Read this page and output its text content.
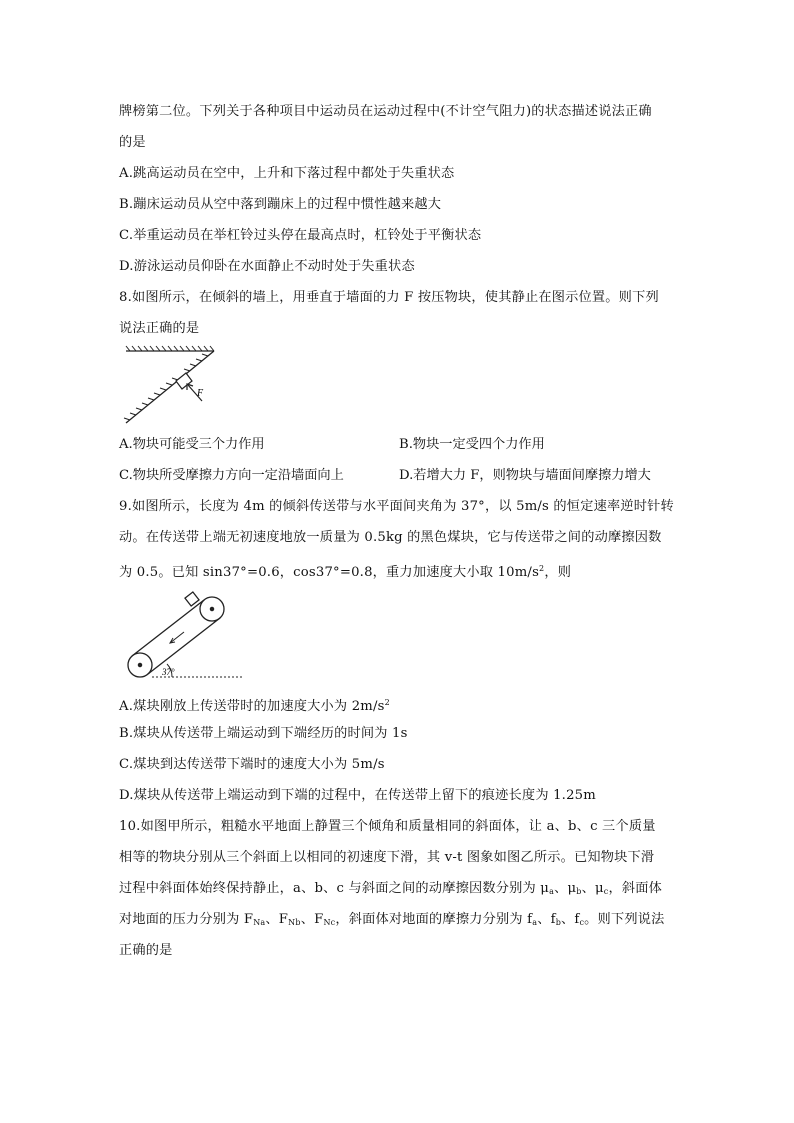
牌榜第二位。下列关于各种项目中运动员在运动过程中(不计空气阻力)的状态描述说法正确
的是
A.跳高运动员在空中，上升和下落过程中都处于失重状态
B.蹦床运动员从空中落到蹦床上的过程中惯性越来越大
C.举重运动员在举杠铃过头停在最高点时，杠铃处于平衡状态
D.游泳运动员仰卧在水面静止不动时处于失重状态
8.如图所示，在倾斜的墙上，用垂直于墙面的力 F 按压物块，使其静止在图示位置。则下列
说法正确的是
F
A.物块可能受三个力作用	B.物块一定受四个力作用
C.物块所受摩擦力方向一定沿墙面向上	D.若增大力 F，则物块与墙面间摩擦力增大
9.如图所示，长度为 4m 的倾斜传送带与水平面间夹角为 37°，以 5m/s 的恒定速率逆时针转
动。在传送带上端无初速度地放一质量为 0.5kg 的黑色煤块，它与传送带之间的动摩擦因数
为 0.5。已知 sin37°=0.6，cos37°=0.8，重力加速度大小取 $10m/s^2$，则
37°
A.煤块刚放上传送带时的加速度大小为 $2m/s^2$
B.煤块从传送带上端运动到下端经历的时间为 1s
C.煤块到达传送带下端时的速度大小为 5m/s
D.煤块从传送带上端运动到下端的过程中，在传送带上留下的痕迹长度为 1.25m
10.如图甲所示，粗糙水平地面上静置三个倾角和质量相同的斜面体，让 a、b、c 三个质量
相等的物块分别从三个斜面上以相同的初速度下滑，其 v-t 图象如图乙所示。已知物块下滑
过程中斜面体始终保持静止，a、b、c 与斜面之间的动摩擦因数分别为 $\mu_a$、$\mu_b$、$\mu_c$，斜面体
对地面的压力分别为 $F_{Na}$、$F_{Nb}$、$F_{Nc}$，斜面体对地面的摩擦力分别为 $f_a$、$f_b$、$f_c$。则下列说法
正确的是
